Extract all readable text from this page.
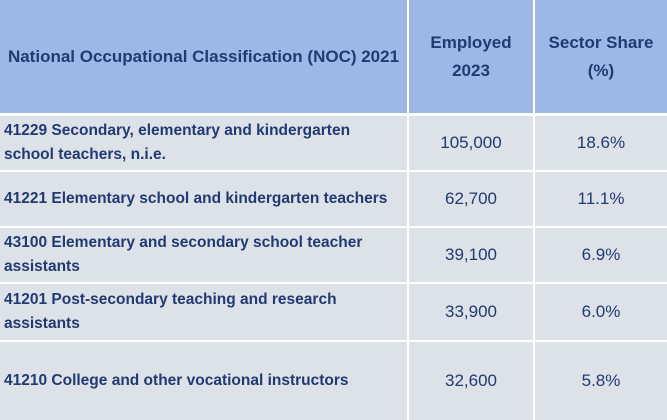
National Occupational Classification (NOC) 2021	Employed 2023	Sector Share (%)
41229 Secondary, elementary and kindergarten school teachers, n.i.e.	105,000	18.6%
41221 Elementary school and kindergarten teachers	62,700	11.1%
43100 Elementary and secondary school teacher assistants	39,100	6.9%
41201 Post-secondary teaching and research assistants	33,900	6.0%
41210 College and other vocational instructors	32,600	5.8%
